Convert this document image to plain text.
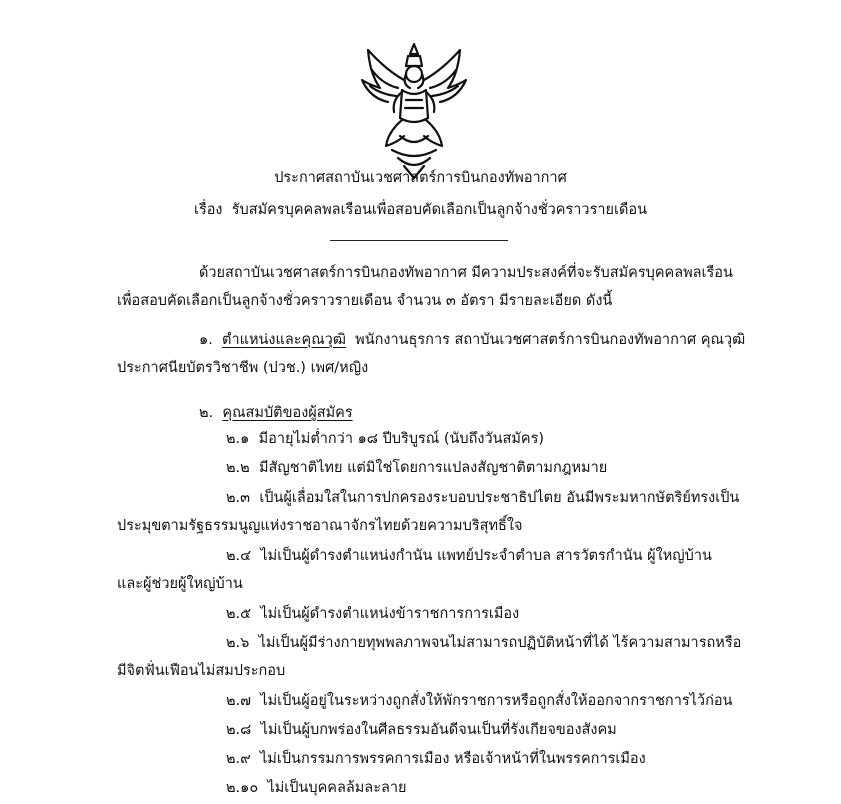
ประกาศสถาบันเวชศาสตร์การบินกองทัพอากาศ
เรื่อง รับสมัครบุคคลพลเรือนเพื่อสอบคัดเลือกเป็นลูกจ้างชั่วคราวรายเดือน
ด้วยสถาบันเวชศาสตร์การบินกองทัพอากาศ มีความประสงค์ที่จะรับสมัครบุคคลพลเรือน
เพื่อสอบคัดเลือกเป็นลูกจ้างชั่วคราวรายเดือน จำนวน ๓ อัตรา มีรายละเอียด ดังนี้
๑. ตำแหน่งและคุณวุฒิ พนักงานธุรการ สถาบันเวชศาสตร์การบินกองทัพอากาศ คุณวุฒิ
ประกาศนียบัตรวิชาชีพ (ปวช.) เพศ/หญิง
๒. คุณสมบัติของผู้สมัคร
๒.๑ มีอายุไม่ต่ำกว่า ๑๘ ปีบริบูรณ์ (นับถึงวันสมัคร)
๒.๒ มีสัญชาติไทย แต่มิใช่โดยการแปลงสัญชาติตามกฎหมาย
๒.๓ เป็นผู้เลื่อมใสในการปกครองระบอบประชาธิปไตย อันมีพระมหากษัตริย์ทรงเป็น
ประมุขตามรัฐธรรมนูญแห่งราชอาณาจักรไทยด้วยความบริสุทธิ์ใจ
๒.๔ ไม่เป็นผู้ดำรงตำแหน่งกำนัน แพทย์ประจำตำบล สารวัตรกำนัน ผู้ใหญ่บ้าน
และผู้ช่วยผู้ใหญ่บ้าน
๒.๕ ไม่เป็นผู้ดำรงตำแหน่งข้าราชการการเมือง
๒.๖ ไม่เป็นผู้มีร่างกายทุพพลภาพจนไม่สามารถปฏิบัติหน้าที่ได้ ไร้ความสามารถหรือ
มีจิตฟั่นเฟือนไม่สมประกอบ
๒.๗ ไม่เป็นผู้อยู่ในระหว่างถูกสั่งให้พักราชการหรือถูกสั่งให้ออกจากราชการไว้ก่อน
๒.๘ ไม่เป็นผู้บกพร่องในศีลธรรมอันดีจนเป็นที่รังเกียจของสังคม
๒.๙ ไม่เป็นกรรมการพรรคการเมือง หรือเจ้าหน้าที่ในพรรคการเมือง
๒.๑๐ ไม่เป็นบุคคลล้มละลาย
